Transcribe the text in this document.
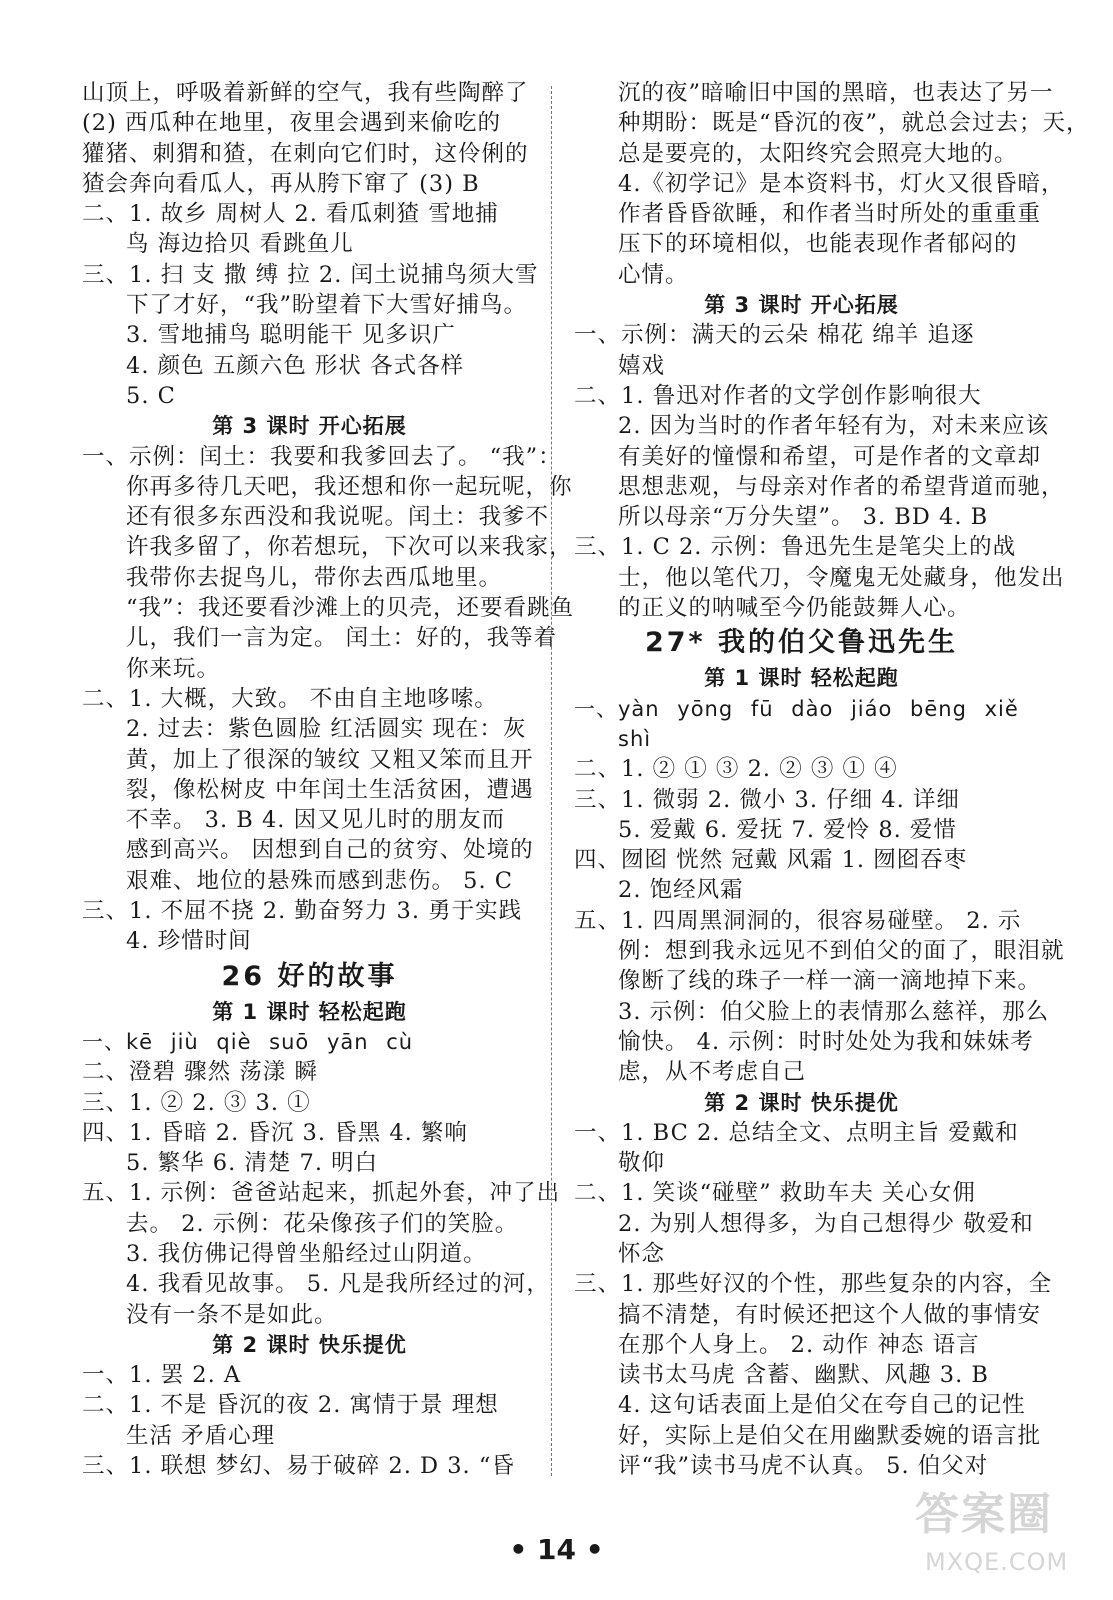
山顶上，呼吸着新鲜的空气，我有些陶醉了
(2) 西瓜种在地里，夜里会遇到来偷吃的
獾猪、刺猬和猹，在刺向它们时，这伶俐的
猹会奔向看瓜人，再从胯下窜了 (3) B
二、1. 故乡 周树人 2. 看瓜刺猹 雪地捕
鸟 海边拾贝 看跳鱼儿
三、1. 扫 支 撒 缚 拉 2. 闰土说捕鸟须大雪
下了才好，“我”盼望着下大雪好捕鸟。
3. 雪地捕鸟 聪明能干 见多识广
4. 颜色 五颜六色 形状 各式各样
5. C
第 3 课时 开心拓展
一、示例：闰土：我要和我爹回去了。 “我”：
你再多待几天吧，我还想和你一起玩呢，你
还有很多东西没和我说呢。闰土：我爹不
许我多留了，你若想玩，下次可以来我家，
我带你去捉鸟儿，带你去西瓜地里。
“我”：我还要看沙滩上的贝壳，还要看跳鱼
儿，我们一言为定。 闰土：好的，我等着
你来玩。
二、1. 大概，大致。 不由自主地哆嗦。
2. 过去：紫色圆脸 红活圆实 现在：灰
黄，加上了很深的皱纹 又粗又笨而且开
裂，像松树皮 中年闰土生活贫困，遭遇
不幸。 3. B 4. 因又见儿时的朋友而
感到高兴。 因想到自己的贫穷、处境的
艰难、地位的悬殊而感到悲伤。 5. C
三、1. 不屈不挠 2. 勤奋努力 3. 勇于实践
4. 珍惜时间
26 好的故事
第 1 课时 轻松起跑
一、kē jiù qiè suō yān cù
二、澄碧 骤然 荡漾 瞬
三、1. ② 2. ③ 3. ①
四、1. 昏暗 2. 昏沉 3. 昏黑 4. 繁响
5. 繁华 6. 清楚 7. 明白
五、1. 示例：爸爸站起来，抓起外套，冲了出
去。 2. 示例：花朵像孩子们的笑脸。
3. 我仿佛记得曾坐船经过山阴道。
4. 我看见故事。 5. 凡是我所经过的河，
没有一条不是如此。
第 2 课时 快乐提优
一、1. 罢 2. A
二、1. 不是 昏沉的夜 2. 寓情于景 理想
生活 矛盾心理
三、1. 联想 梦幻、易于破碎 2. D 3. “昏
沉的夜”暗喻旧中国的黑暗，也表达了另一
种期盼：既是“昏沉的夜”，就总会过去；天，
总是要亮的，太阳终究会照亮大地的。
4.《初学记》是本资料书，灯火又很昏暗，
作者昏昏欲睡，和作者当时所处的重重重
压下的环境相似，也能表现作者郁闷的
心情。
第 3 课时 开心拓展
一、示例：满天的云朵 棉花 绵羊 追逐
嬉戏
二、1. 鲁迅对作者的文学创作影响很大
2. 因为当时的作者年轻有为，对未来应该
有美好的憧憬和希望，可是作者的文章却
思想悲观，与母亲对作者的希望背道而驰，
所以母亲“万分失望”。 3. BD 4. B
三、1. C 2. 示例：鲁迅先生是笔尖上的战
士，他以笔代刀，令魔鬼无处藏身，他发出
的正义的呐喊至今仍能鼓舞人心。
27* 我的伯父鲁迅先生
第 1 课时 轻松起跑
一、yàn yōng fū dào jiáo bēng xiě
shì
二、1. ② ① ③ 2. ② ③ ① ④
三、1. 微弱 2. 微小 3. 仔细 4. 详细
5. 爱戴 6. 爱抚 7. 爱怜 8. 爱惜
四、囫囵 恍然 冠戴 风霜 1. 囫囵吞枣
2. 饱经风霜
五、1. 四周黑洞洞的，很容易碰壁。 2. 示
例：想到我永远见不到伯父的面了，眼泪就
像断了线的珠子一样一滴一滴地掉下来。
3. 示例：伯父脸上的表情那么慈祥，那么
愉快。 4. 示例：时时处处为我和妹妹考
虑，从不考虑自己
第 2 课时 快乐提优
一、1. BC 2. 总结全文、点明主旨 爱戴和
敬仰
二、1. 笑谈“碰壁” 救助车夫 关心女佣
2. 为别人想得多，为自己想得少 敬爱和
怀念
三、1. 那些好汉的个性，那些复杂的内容，全
搞不清楚，有时候还把这个人做的事情安
在那个人身上。 2. 动作 神态 语言
读书太马虎 含蓄、幽默、风趣 3. B
4. 这句话表面上是伯父在夸自己的记性
好，实际上是伯父在用幽默委婉的语言批
评“我”读书马虎不认真。 5. 伯父对
• 14 •
答案圈
MXQE.COM
